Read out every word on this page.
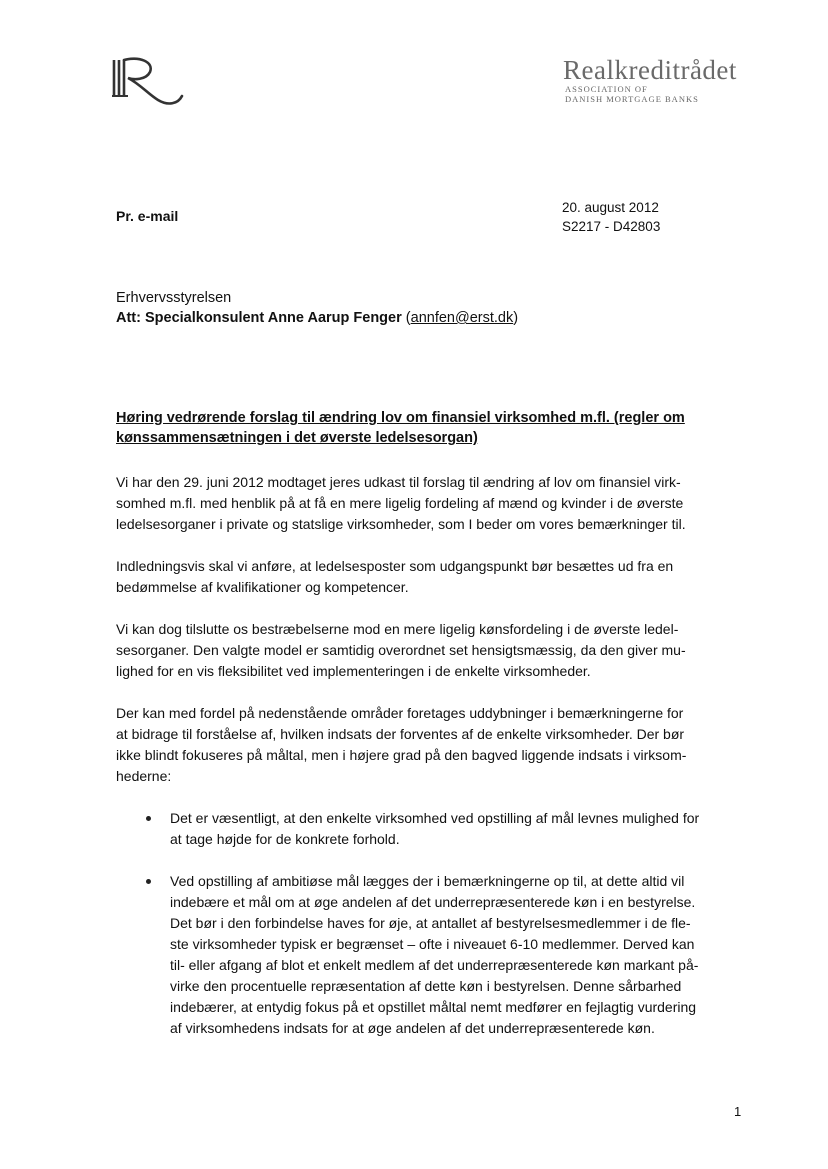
Realkreditrådet
ASSOCIATION OF
DANISH MORTGAGE BANKS
Pr. e-mail
20. august 2012
S2217 - D42803
Erhvervsstyrelsen
Att: Specialkonsulent Anne Aarup Fenger (annfen@erst.dk)
Høring vedrørende forslag til ændring lov om finansiel virksomhed m.fl. (regler om
kønssammensætningen i det øverste ledelsesorgan)

Vi har den 29. juni 2012 modtaget jeres udkast til forslag til ændring af lov om finansiel virk-
somhed m.fl. med henblik på at få en mere ligelig fordeling af mænd og kvinder i de øverste
ledelsesorganer i private og statslige virksomheder, som I beder om vores bemærkninger til.

Indledningsvis skal vi anføre, at ledelsesposter som udgangspunkt bør besættes ud fra en
bedømmelse af kvalifikationer og kompetencer.

Vi kan dog tilslutte os bestræbelserne mod en mere ligelig kønsfordeling i de øverste ledel-
sesorganer. Den valgte model er samtidig overordnet set hensigtsmæssig, da den giver mu-
lighed for en vis fleksibilitet ved implementeringen i de enkelte virksomheder.

Der kan med fordel på nedenstående områder foretages uddybninger i bemærkningerne for
at bidrage til forståelse af, hvilken indsats der forventes af de enkelte virksomheder. Der bør
ikke blindt fokuseres på måltal, men i højere grad på den bagved liggende indsats i virksom-
hederne:

Det er væsentligt, at den enkelte virksomhed ved opstilling af mål levnes mulighed for
at tage højde for de konkrete forhold.
Ved opstilling af ambitiøse mål lægges der i bemærkningerne op til, at dette altid vil
indebære et mål om at øge andelen af det underrepræsenterede køn i en bestyrelse.
Det bør i den forbindelse haves for øje, at antallet af bestyrelsesmedlemmer i de fle-
ste virksomheder typisk er begrænset – ofte i niveauet 6-10 medlemmer. Derved kan
til- eller afgang af blot et enkelt medlem af det underrepræsenterede køn markant på-
virke den procentuelle repræsentation af dette køn i bestyrelsen. Denne sårbarhed
indebærer, at entydig fokus på et opstillet måltal nemt medfører en fejlagtig vurdering
af virksomhedens indsats for at øge andelen af det underrepræsenterede køn.
1
